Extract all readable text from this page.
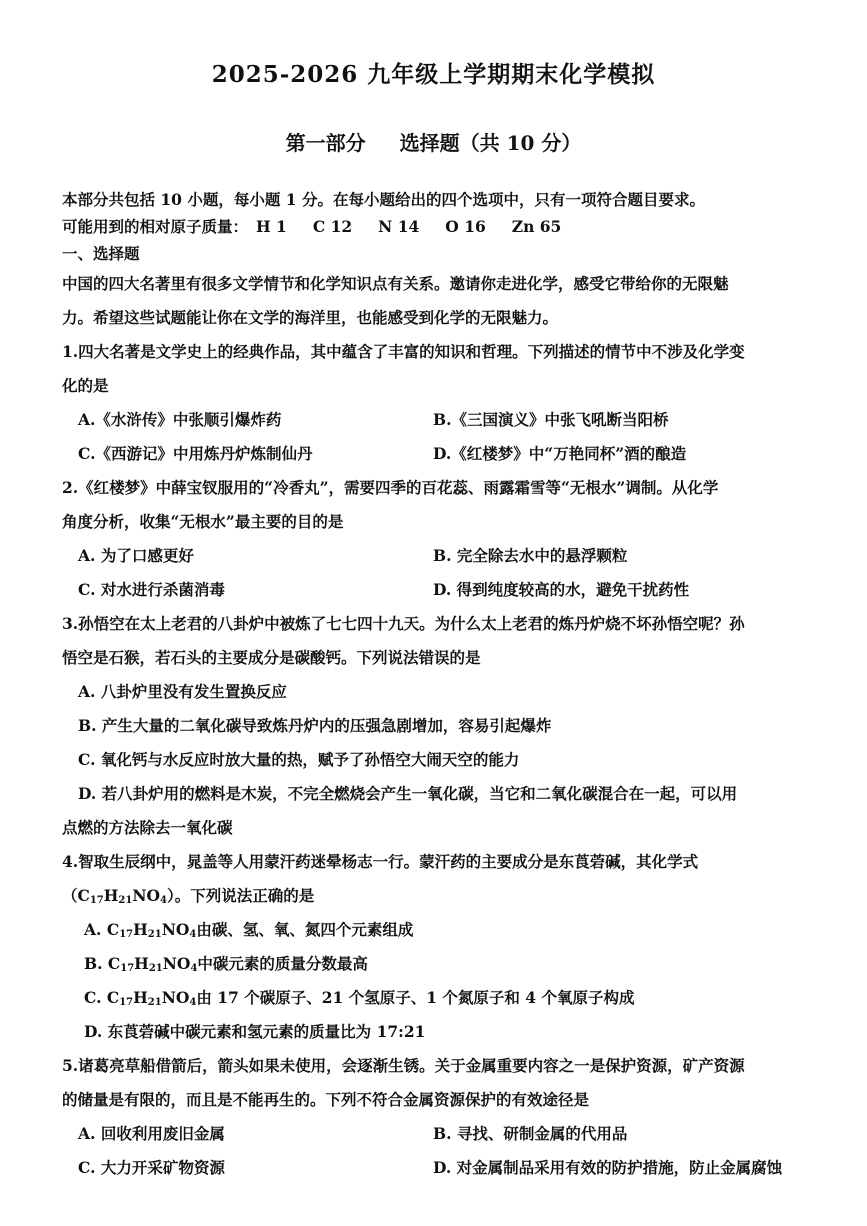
2025-2026 九年级上学期期末化学模拟
第一部分 选择题（共 10 分）
本部分共包括 10 小题，每小题 1 分。在每小题给出的四个选项中，只有一项符合题目要求。
可能用到的相对原子质量： H 1 C 12 N 14 O 16 Zn 65
一、选择题
中国的四大名著里有很多文学情节和化学知识点有关系。邀请你走进化学，感受它带给你的无限魅
力。希望这些试题能让你在文学的海洋里，也能感受到化学的无限魅力。
1.四大名著是文学史上的经典作品，其中蕴含了丰富的知识和哲理。下列描述的情节中不涉及化学变
化的是
A.《水浒传》中张顺引爆炸药	B.《三国演义》中张飞吼断当阳桥
C.《西游记》中用炼丹炉炼制仙丹	D.《红楼梦》中“万艳同杯”酒的酿造
2.《红楼梦》中薛宝钗服用的“冷香丸”，需要四季的百花蕊、雨露霜雪等“无根水”调制。从化学
角度分析，收集“无根水”最主要的目的是
A. 为了口感更好	B. 完全除去水中的悬浮颗粒
C. 对水进行杀菌消毒	D. 得到纯度较高的水，避免干扰药性
3.孙悟空在太上老君的八卦炉中被炼了七七四十九天。为什么太上老君的炼丹炉烧不坏孙悟空呢？孙
悟空是石猴，若石头的主要成分是碳酸钙。下列说法错误的是
A. 八卦炉里没有发生置换反应
B. 产生大量的二氧化碳导致炼丹炉内的压强急剧增加，容易引起爆炸
C. 氧化钙与水反应时放大量的热，赋予了孙悟空大闹天空的能力
D. 若八卦炉用的燃料是木炭，不完全燃烧会产生一氧化碳，当它和二氧化碳混合在一起，可以用
点燃的方法除去一氧化碳
4.智取生辰纲中，晁盖等人用蒙汗药迷晕杨志一行。蒙汗药的主要成分是东莨菪碱，其化学式
$(C_{17}H_{21}NO_4)$。下列说法正确的是
A. $C_{17}H_{21}NO_4$由碳、氢、氧、氮四个元素组成
B. $C_{17}H_{21}NO_4$中碳元素的质量分数最高
C. $C_{17}H_{21}NO_4$由 17 个碳原子、21 个氢原子、1 个氮原子和 4 个氧原子构成
D. 东莨菪碱中碳元素和氢元素的质量比为 17:21
5.诸葛亮草船借箭后，箭头如果未使用，会逐渐生锈。关于金属重要内容之一是保护资源，矿产资源
的储量是有限的，而且是不能再生的。下列不符合金属资源保护的有效途径是
A. 回收利用废旧金属	B. 寻找、研制金属的代用品
C. 大力开采矿物资源	D. 对金属制品采用有效的防护措施，防止金属腐蚀
